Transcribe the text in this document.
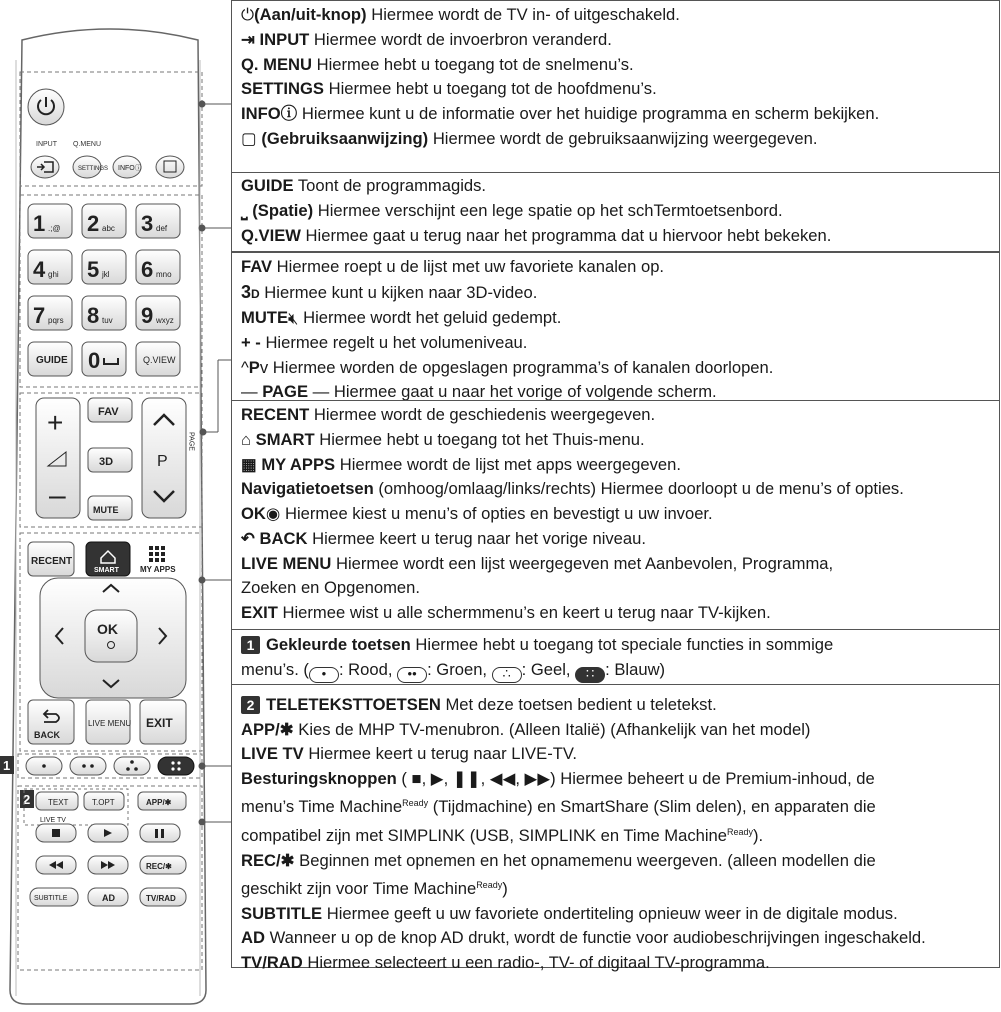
INPUT Q.MENU
SETTINGS INFOⓘ
1 .;@ 2 abc 3 def
4 ghi 5 jkl 6 mno
7 pqrs 8 tuv 9 wxyz
GUIDE 0	Q.VIEW
+
–
FAV
3D
MUTE
P
PAGE
RECENT
SMART	MY APPS
OK
BACK
LIVE MENU EXIT
1
2 TEXT	T.OPT	APP/✱
LIVE TV
REC/✱
SUBTITLE	AD	TV/RAD
⏻(Aan/uit-knop) Hiermee wordt de TV in- of uitgeschakeld.
⇥ INPUT Hiermee wordt de invoerbron veranderd.
Q. MENU Hiermee hebt u toegang tot de snelmenu’s.
SETTINGS Hiermee hebt u toegang tot de hoofdmenu’s.
INFOⓘ Hiermee kunt u de informatie over het huidige programma en scherm bekijken.
▢ (Gebruiksaanwijzing) Hiermee wordt de gebruiksaanwijzing weergegeven.
GUIDE Toont de programmagids.
⎵ (Spatie) Hiermee verschijnt een lege spatie op het schTermtoetsenbord.
Q.VIEW Hiermee gaat u terug naar het programma dat u hiervoor hebt bekeken.
FAV Hiermee roept u de lijst met uw favoriete kanalen op.
3D Hiermee kunt u kijken naar 3D-video.
MUTE🔇︎ Hiermee wordt het geluid gedempt.
+ - Hiermee regelt u het volumeniveau.
^Pv Hiermee worden de opgeslagen programma’s of kanalen doorlopen.
— PAGE — Hiermee gaat u naar het vorige of volgende scherm.
RECENT Hiermee wordt de geschiedenis weergegeven.
⌂ SMART Hiermee hebt u toegang tot het Thuis-menu.
▦ MY APPS Hiermee wordt de lijst met apps weergegeven.
Navigatietoetsen (omhoog/omlaag/links/rechts) Hiermee doorloopt u de menu’s of opties.
OK◉ Hiermee kiest u menu’s of opties en bevestigt u uw invoer.
↶ BACK Hiermee keert u terug naar het vorige niveau.
LIVE MENU Hiermee wordt een lijst weergegeven met Aanbevolen, Programma,
Zoeken en Opgenomen.
EXIT Hiermee wist u alle schermmenu’s en keert u terug naar TV-kijken.
1 Gekleurde toetsen Hiermee hebt u toegang tot speciale functies in sommige
menu’s. ( • : Rood, •• : Groen, ∴ : Geel, ∷ : Blauw)
2 TELETEKSTTOETSEN Met deze toetsen bedient u teletekst.
APP/✱ Kies de MHP TV-menubron. (Alleen Italië) (Afhankelijk van het model)
LIVE TV Hiermee keert u terug naar LIVE-TV.
Besturingsknoppen ( ■, ▶, ❚❚, ◀◀, ▶▶) Hiermee beheert u de Premium-inhoud, de
menu’s Time Machine$^{Ready}$ (Tijdmachine) en SmartShare (Slim delen), en apparaten die
compatibel zijn met SIMPLINK (USB, SIMPLINK en Time Machine$^{Ready}$).
REC/✱ Beginnen met opnemen en het opnamemenu weergeven. (alleen modellen die
geschikt zijn voor Time Machine$^{Ready}$)
SUBTITLE Hiermee geeft u uw favoriete ondertiteling opnieuw weer in de digitale modus.
AD Wanneer u op de knop AD drukt, wordt de functie voor audiobeschrijvingen ingeschakeld.
TV/RAD Hiermee selecteert u een radio-, TV- of digitaal TV-programma.
